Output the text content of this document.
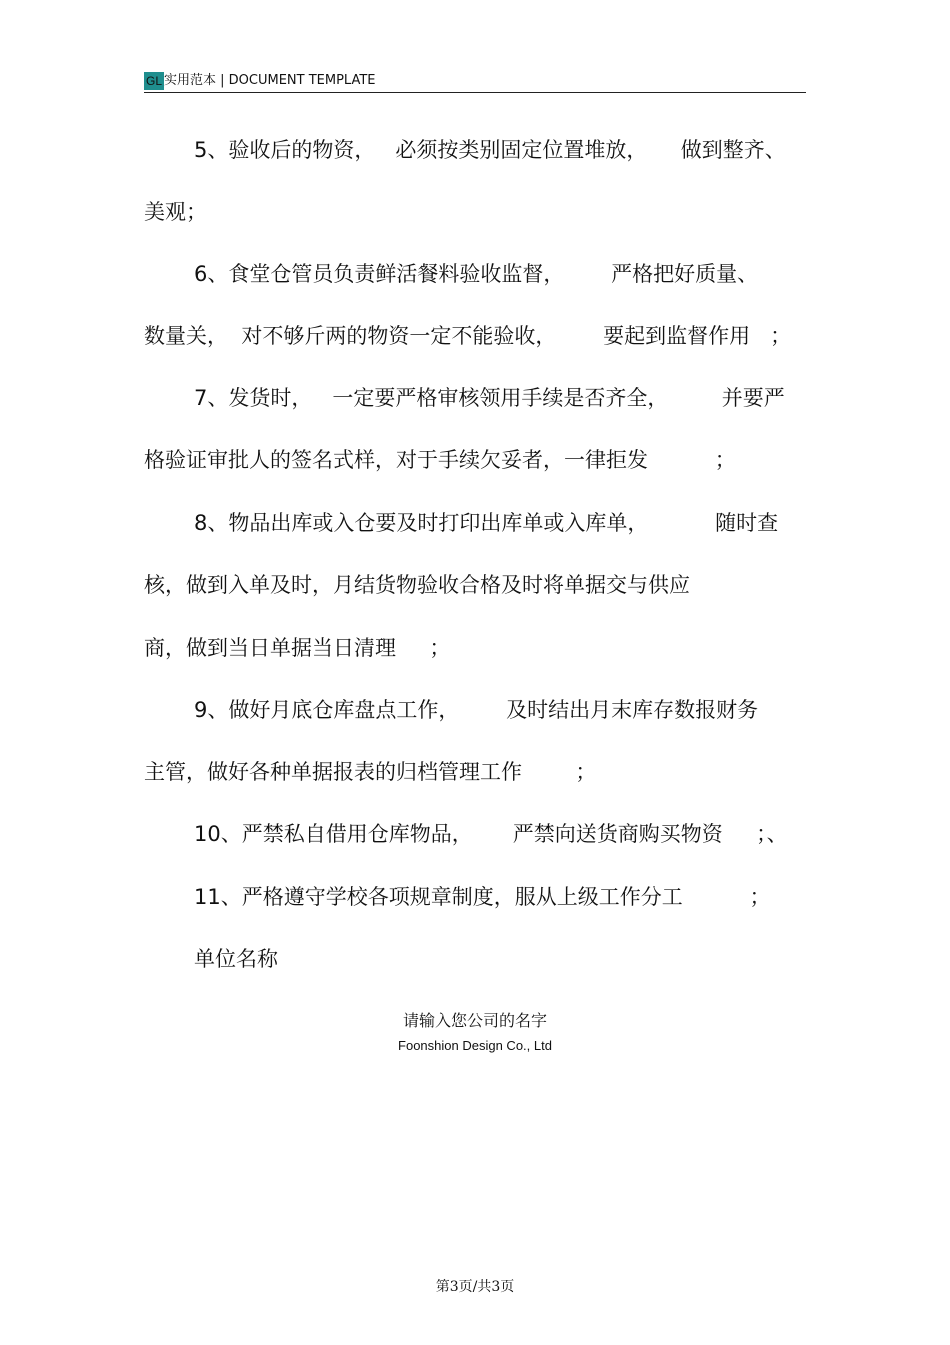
GL 实用范本 | DOCUMENT TEMPLATE
5、验收后的物资，   必须按类别固定位置堆放，     做到整齐、
美观；
6、食堂仓管员负责鲜活餐料验收监督，       严格把好质量、
数量关，  对不够斤两的物资一定不能验收，       要起到监督作用   ；
7、发货时，   一定要严格审核领用手续是否齐全，        并要严
格验证审批人的签名式样，对于手续欠妥者，一律拒发          ；
8、物品出库或入仓要及时打印出库单或入库单，          随时查
核，做到入单及时，月结货物验收合格及时将单据交与供应
商，做到当日单据当日清理     ；
9、做好月底仓库盘点工作，       及时结出月末库存数报财务
主管，做好各种单据报表的归档管理工作        ；
10、严禁私自借用仓库物品，      严禁向送货商购买物资     ；、
11、严格遵守学校各项规章制度，服从上级工作分工          ；
单位名称
请输入您公司的名字
Foonshion Design Co., Ltd
第3页/共3页
